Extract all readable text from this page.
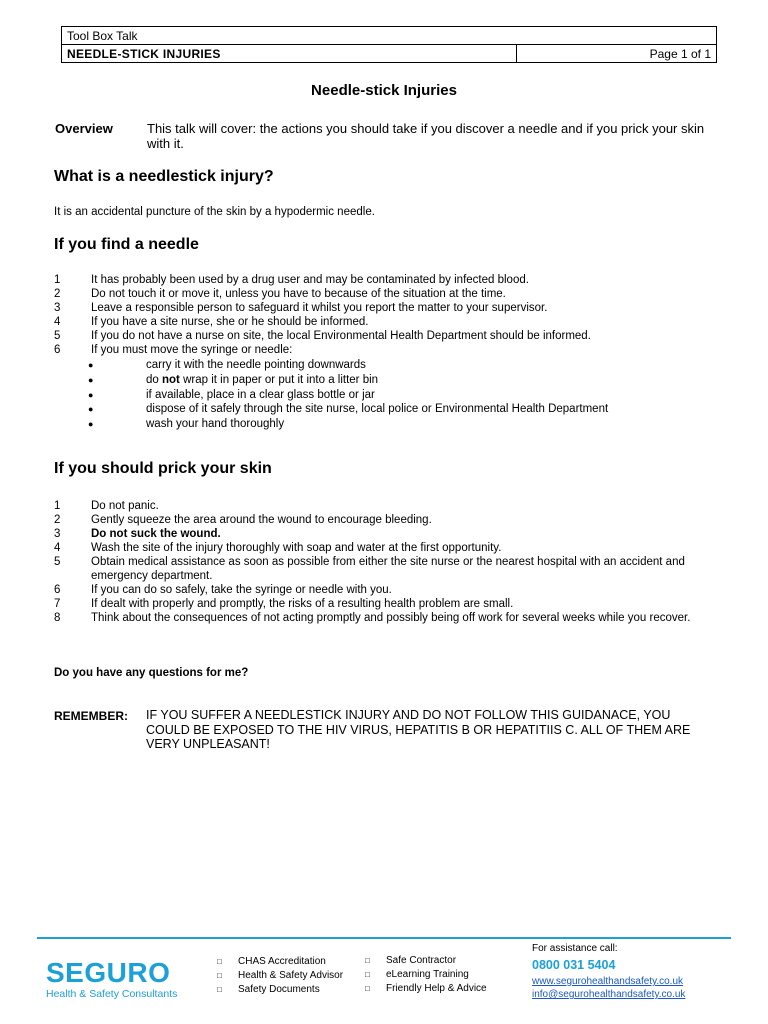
Tool Box Talk
NEEDLE-STICK INJURIES	Page 1 of 1
Needle-stick Injuries
Overview	This talk will cover: the actions you should take if you discover a needle and if you prick your skin with it.
What is a needlestick injury?
It is an accidental puncture of the skin by a hypodermic needle.
If you find a needle
1	It has probably been used by a drug user and may be contaminated by infected blood.
2	Do not touch it or move it, unless you have to because of the situation at the time.
3	Leave a responsible person to safeguard it whilst you report the matter to your supervisor.
4	If you have a site nurse, she or he should be informed.
5	If you do not have a nurse on site, the local Environmental Health Department should be informed.
6	If you must move the syringe or needle:
●	carry it with the needle pointing downwards
●	do not wrap it in paper or put it into a litter bin
●	if available, place in a clear glass bottle or jar
●	dispose of it safely through the site nurse, local police or Environmental Health Department
●	wash your hand thoroughly
If you should prick your skin
1	Do not panic.
2	Gently squeeze the area around the wound to encourage bleeding.
3	Do not suck the wound.
4	Wash the site of the injury thoroughly with soap and water at the first opportunity.
5	Obtain medical assistance as soon as possible from either the site nurse or the nearest hospital with an accident and emergency department.
6	If you can do so safely, take the syringe or needle with you.
7	If dealt with properly and promptly, the risks of a resulting health problem are small.
8	Think about the consequences of not acting promptly and possibly being off work for several weeks while you recover.
Do you have any questions for me?
REMEMBER: IF YOU SUFFER A NEEDLESTICK INJURY AND DO NOT FOLLOW THIS GUIDANACE, YOU COULD BE EXPOSED TO THE HIV VIRUS, HEPATITIS B OR HEPATITIIS C. ALL OF THEM ARE VERY UNPLEASANT!
SEGURO
Health & Safety Consultants
□	CHAS Accreditation
□	Health & Safety Advisor
□	Safety Documents
□	Safe Contractor
□	eLearning Training
□	Friendly Help & Advice
For assistance call:
0800 031 5404
www.segurohealthandsafety.co.uk
info@segurohealthandsafety.co.uk
